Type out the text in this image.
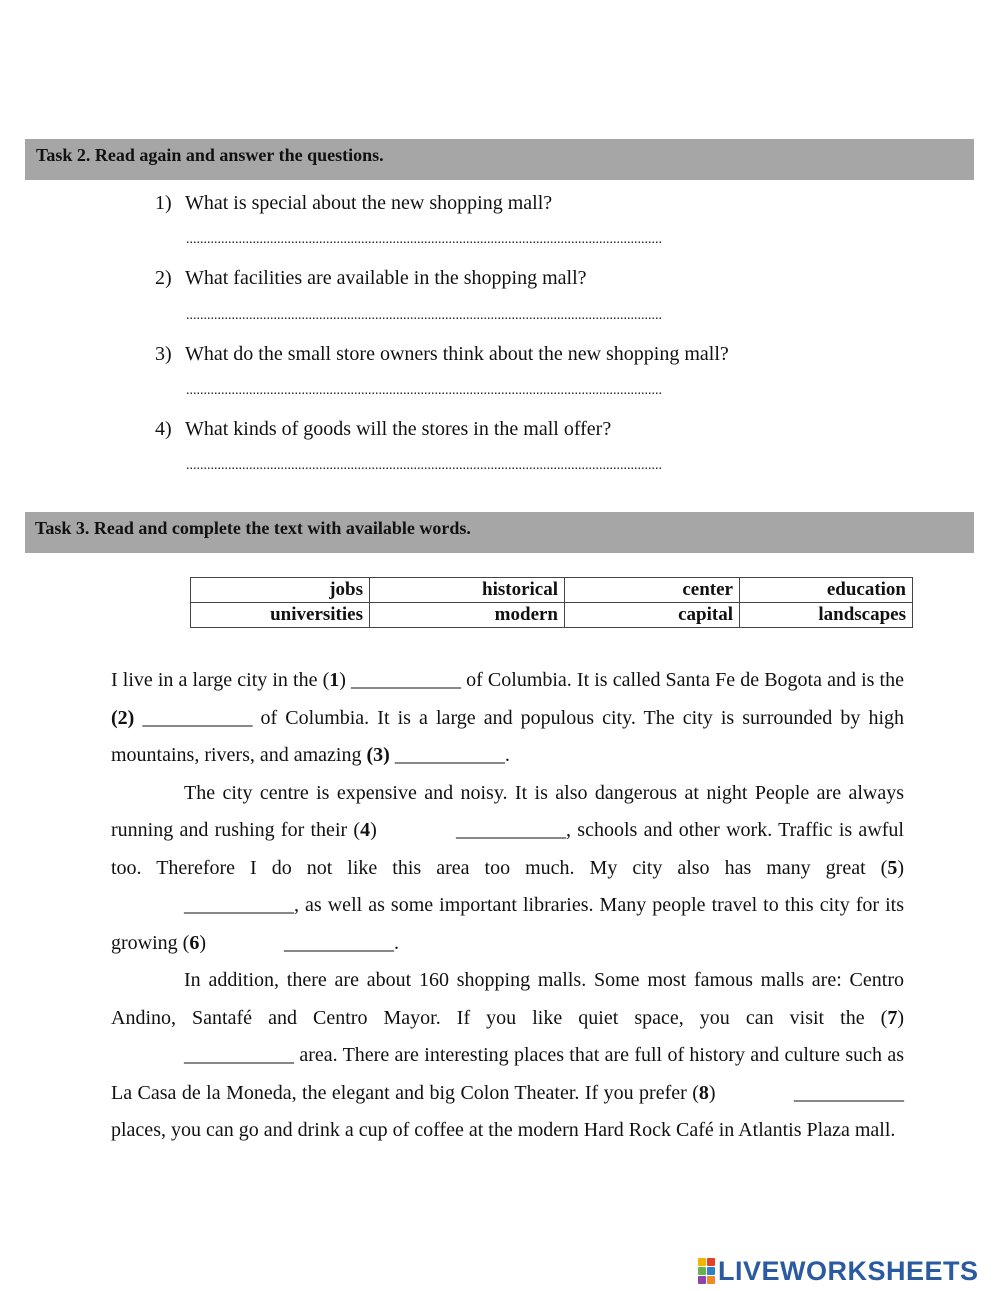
Task 2. Read again and answer the questions.
1) What is special about the new shopping mall?
........................................................................................................................................
2) What facilities are available in the shopping mall?
........................................................................................................................................
3) What do the small store owners think about the new shopping mall?
........................................................................................................................................
4) What kinds of goods will the stores in the mall offer?
........................................................................................................................................
Task 3. Read and complete the text with available words.
jobs	historical	center	education
universities	modern	capital	landscapes

I live in a large city in the (1) ___________ of Columbia. It is called Santa Fe de Bogota and is the (2) ___________ of Columbia. It is a large and populous city. The city is surrounded by high mountains, rivers, and amazing (3) ___________.

The city centre is expensive and noisy. It is also dangerous at night People are always running and rushing for their (4)	___________, schools and other work. Traffic is awful too. Therefore I do not like this area too much. My city also has many great (5) ___________, as well as some important libraries. Many people travel to this city for its growing (6)	___________.

In addition, there are about 160 shopping malls. Some most famous malls are: Centro Andino, Santafé and Centro Mayor. If you like quiet space, you can visit the (7) ___________ area. There are interesting places that are full of history and culture such as La Casa de la Moneda, the elegant and big Colon Theater. If you prefer (8)	___________ places, you can go and drink a cup of coffee at the modern Hard Rock Café in Atlantis Plaza mall.

LIVEWORKSHEETS
